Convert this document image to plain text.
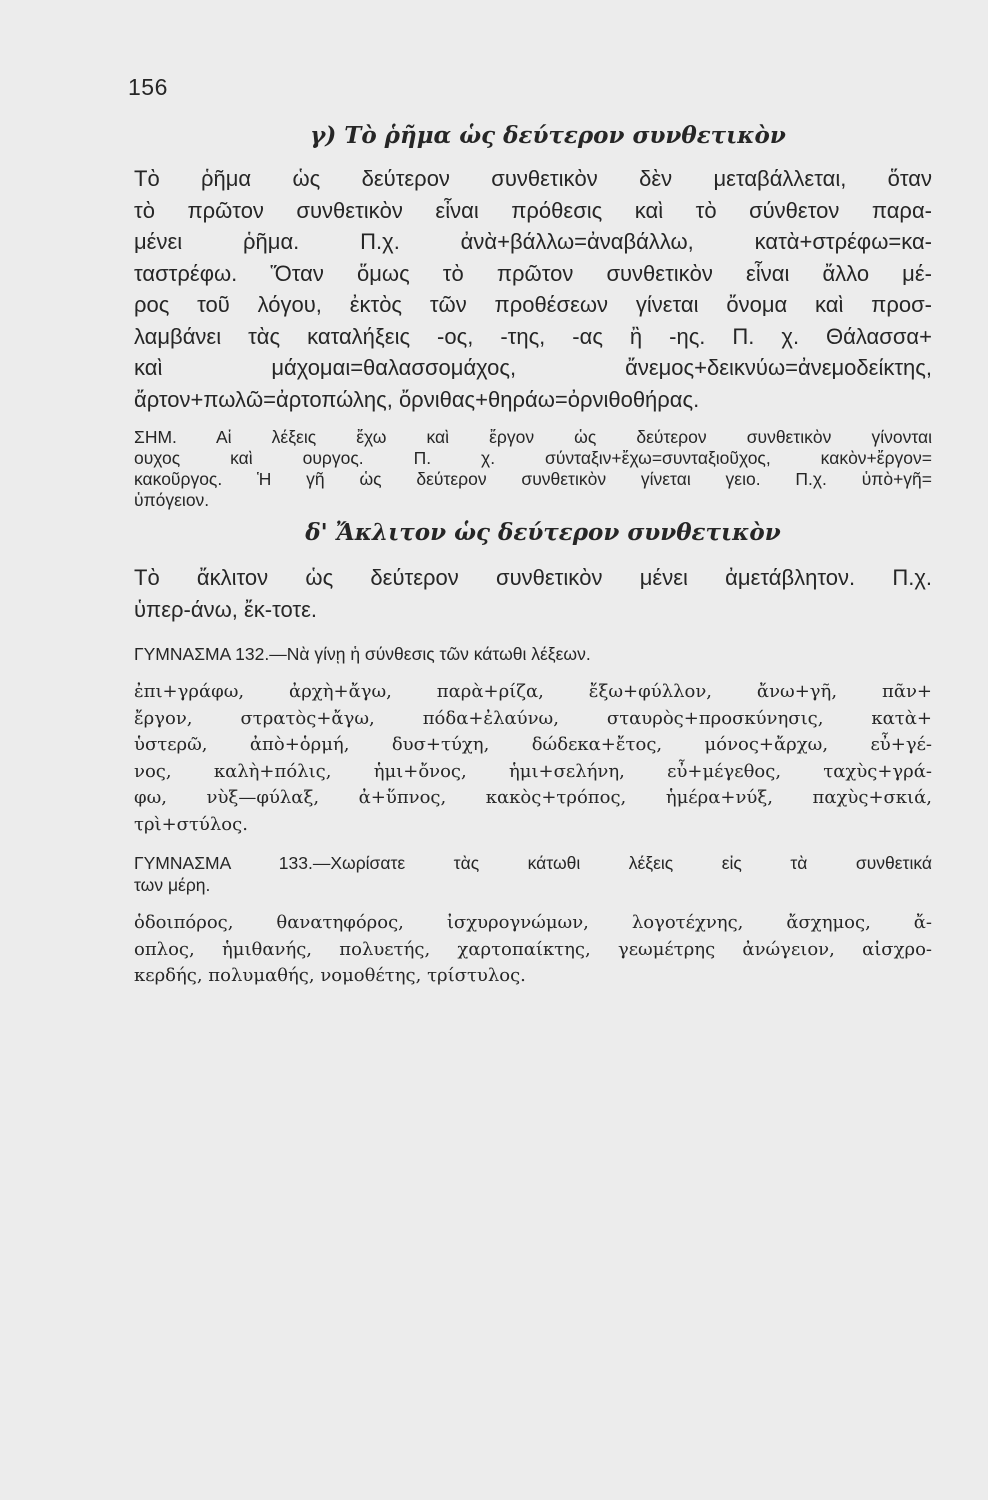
156
γ) Τὸ ῥῆμα ὡς δεύτερον συνθετικὸν

Τὸ ῥῆμα ὡς δεύτερον συνθετικὸν δὲν μεταβάλλεται, ὅταν
τὸ πρῶτον συνθετικὸν εἶναι πρόθεσις καὶ τὸ σύνθετον παρα-
μένει ῥῆμα. Π.χ. ἀνὰ+βάλλω=ἀναβάλλω, κατὰ+στρέφω=κα-
ταστρέφω. Ὅταν ὅμως τὸ πρῶτον συνθετικὸν εἶναι ἄλλο μέ-
ρος τοῦ λόγου, ἐκτὸς τῶν προθέσεων γίνεται ὄνομα καὶ προσ-
λαμβάνει τὰς καταλήξεις -ος, -της, -ας ἢ -ης. Π. χ. Θάλασσα+
καὶ μάχομαι=θαλασσομάχος, ἄνεμος+δεικνύω=ἀνεμοδείκτης,
ἄρτον+πωλῶ=ἀρτοπώλης, ὄρνιθας+θηράω=ὀρνιθοθήρας.

ΣΗΜ. Αἱ λέξεις ἔχω καὶ ἔργον ὡς δεύτερον συνθετικὸν γίνονται
ουχος καὶ ουργος. Π. χ. σύνταξιν+ἔχω=συνταξιοῦχος, κακὸν+ἔργον=
κακοῦργος. Ἡ γῆ ὡς δεύτερον συνθετικὸν γίνεται γειο. Π.χ. ὑπὸ+γῆ=
ὑπόγειον.

δ' Ἄκλιτον ὡς δεύτερον συνθετικὸν

Τὸ ἄκλιτον ὡς δεύτερον συνθετικὸν μένει ἀμετάβλητον. Π.χ.
ὑπερ-άνω, ἔκ-τοτε.

ΓΥΜΝΑΣΜΑ 132.—Νὰ γίνῃ ἡ σύνθεσις τῶν κάτωθι λέξεων.
ἐπι+γράφω, ἀρχὴ+ἄγω, παρὰ+ρίζα, ἔξω+φύλλον, ἄνω+γῆ, πᾶν+
ἔργον, στρατὸς+ἄγω, πόδα+ἐλαύνω, σταυρὸς+προσκύνησις, κατὰ+
ὑστερῶ, ἀπὸ+ὁρμή, δυσ+τύχη, δώδεκα+ἔτος, μόνος+ἄρχω, εὖ+γέ-
νος, καλὴ+πόλις, ἡμι+ὄνος, ἡμι+σελήνη, εὖ+μέγεθος, ταχὺς+γρά-
φω, νὺξ—φύλαξ, ἀ+ὕπνος, κακὸς+τρόπος, ἡμέρα+νύξ, παχὺς+σκιά,
τρὶ+στύλος.
ΓΥΜΝΑΣΜΑ 133.—Χωρίσατε τὰς κάτωθι λέξεις εἰς τὰ συνθετικά
των μέρη.
ὁδοιπόρος, θανατηφόρος, ἰσχυρογνώμων, λογοτέχνης, ἄσχημος, ἄ-
οπλος, ἡμιθανής, πολυετής, χαρτοπαίκτης, γεωμέτρης ἀνώγειον, αἰσχρο-
κερδής, πολυμαθής, νομοθέτης, τρίστυλος.
